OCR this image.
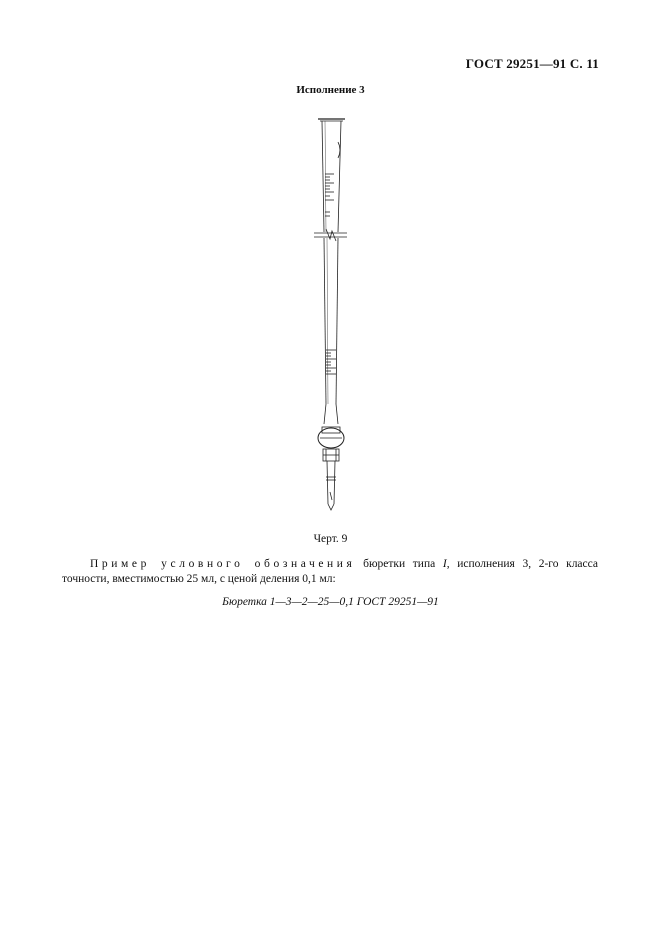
ГОСТ 29251—91 С. 11
Исполнение 3
Черт. 9
Пример условного обозначения бюретки типа I, исполнения 3, 2-го класса точности, вместимостью 25 мл, с ценой деления 0,1 мл:
Бюретка 1—3—2—25—0,1 ГОСТ 29251—91
